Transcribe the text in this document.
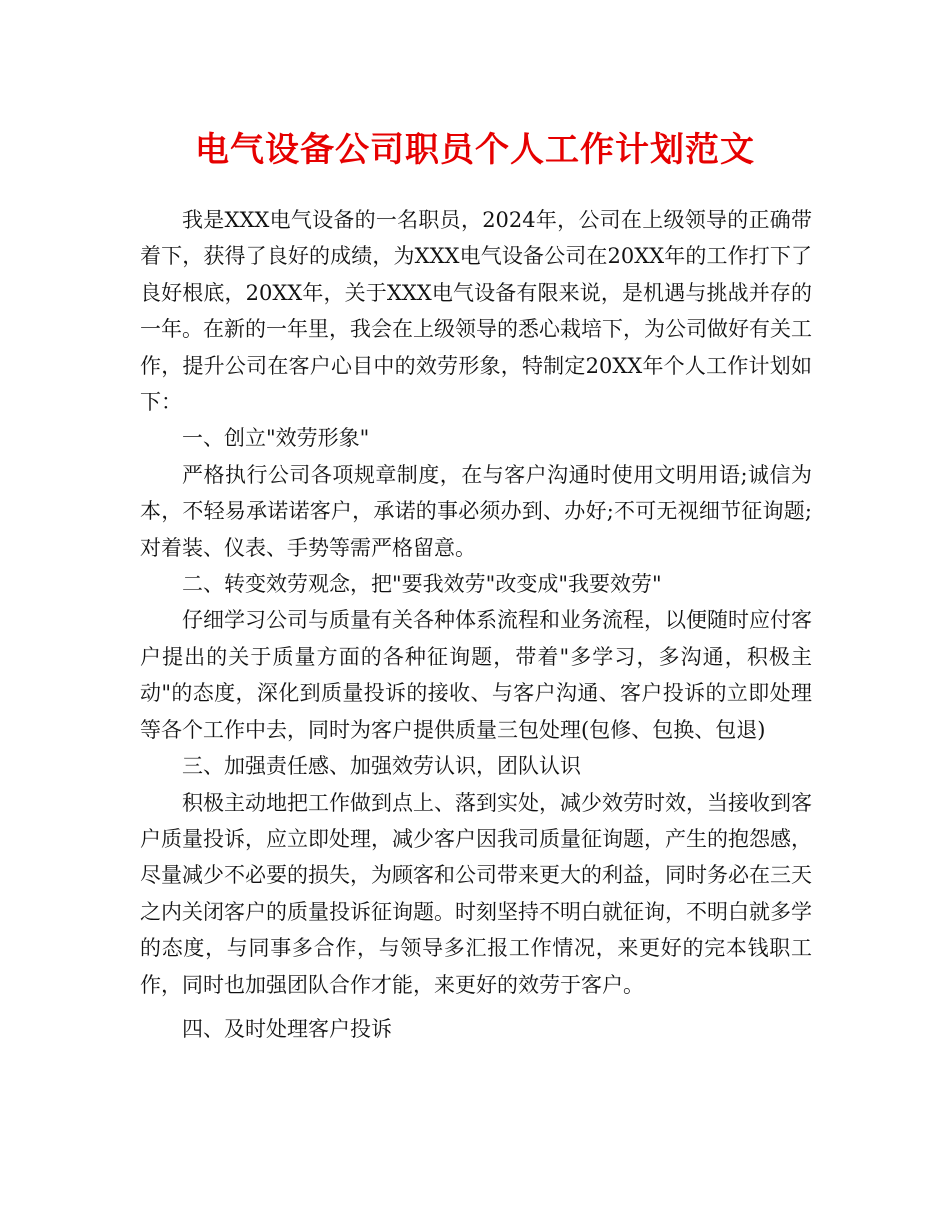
电气设备公司职员个人工作计划范文

我是XXX电气设备的一名职员，2024年，公司在上级领导的正确带着下，获得了良好的成绩，为XXX电气设备公司在20XX年的工作打下了良好根底，20XX年，关于XXX电气设备有限来说，是机遇与挑战并存的一年。在新的一年里，我会在上级领导的悉心栽培下，为公司做好有关工作，提升公司在客户心目中的效劳形象，特制定20XX年个人工作计划如下：

一、创立"效劳形象"

严格执行公司各项规章制度，在与客户沟通时使用文明用语;诚信为本，不轻易承诺诺客户，承诺的事必须办到、办好;不可无视细节征询题;对着装、仪表、手势等需严格留意。

二、转变效劳观念，把"要我效劳"改变成"我要效劳"

仔细学习公司与质量有关各种体系流程和业务流程，以便随时应付客户提出的关于质量方面的各种征询题，带着"多学习，多沟通，积极主动"的态度，深化到质量投诉的接收、与客户沟通、客户投诉的立即处理等各个工作中去，同时为客户提供质量三包处理(包修、包换、包退)

三、加强责任感、加强效劳认识，团队认识

积极主动地把工作做到点上、落到实处，减少效劳时效，当接收到客户质量投诉，应立即处理，减少客户因我司质量征询题，产生的抱怨感，尽量减少不必要的损失，为顾客和公司带来更大的利益，同时务必在三天之内关闭客户的质量投诉征询题。时刻坚持不明白就征询，不明白就多学的态度，与同事多合作，与领导多汇报工作情况，来更好的完本钱职工作，同时也加强团队合作才能，来更好的效劳于客户。

四、及时处理客户投诉
